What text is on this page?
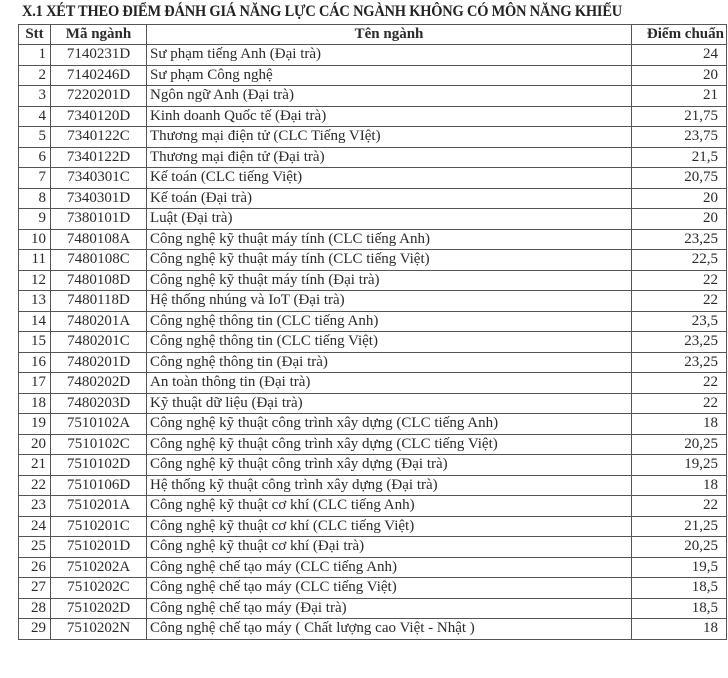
X.1 XÉT THEO ĐIỂM ĐÁNH GIÁ NĂNG LỰC CÁC NGÀNH KHÔNG CÓ MÔN NĂNG KHIẾU
Stt	Mã ngành	Tên ngành	Điểm chuẩn
1	7140231D	Sư phạm tiếng Anh (Đại trà)	24
2	7140246D	Sư phạm Công nghệ	20
3	7220201D	Ngôn ngữ Anh (Đại trà)	21
4	7340120D	Kinh doanh Quốc tế (Đại trà)	21,75
5	7340122C	Thương mại điện tử (CLC Tiếng VIệt)	23,75
6	7340122D	Thương mại điện tử (Đại trà)	21,5
7	7340301C	Kế toán (CLC tiếng Việt)	20,75
8	7340301D	Kế toán (Đại trà)	20
9	7380101D	Luật (Đại trà)	20
10	7480108A	Công nghệ kỹ thuật máy tính (CLC tiếng Anh)	23,25
11	7480108C	Công nghệ kỹ thuật máy tính (CLC tiếng Việt)	22,5
12	7480108D	Công nghệ kỹ thuật máy tính (Đại trà)	22
13	7480118D	Hệ thống nhúng và IoT (Đại trà)	22
14	7480201A	Công nghệ thông tin (CLC tiếng Anh)	23,5
15	7480201C	Công nghệ thông tin (CLC tiếng Việt)	23,25
16	7480201D	Công nghệ thông tin (Đại trà)	23,25
17	7480202D	An toàn thông tin (Đại trà)	22
18	7480203D	Kỹ thuật dữ liệu (Đại trà)	22
19	7510102A	Công nghệ kỹ thuật công trình xây dựng (CLC tiếng Anh)	18
20	7510102C	Công nghệ kỹ thuật công trình xây dựng (CLC tiếng Việt)	20,25
21	7510102D	Công nghệ kỹ thuật công trình xây dựng (Đại trà)	19,25
22	7510106D	Hệ thống kỹ thuật công trình xây dựng (Đại trà)	18
23	7510201A	Công nghệ kỹ thuật cơ khí (CLC tiếng Anh)	22
24	7510201C	Công nghệ kỹ thuật cơ khí (CLC tiếng Việt)	21,25
25	7510201D	Công nghệ kỹ thuật cơ khí (Đại trà)	20,25
26	7510202A	Công nghệ chế tạo máy (CLC tiếng Anh)	19,5
27	7510202C	Công nghệ chế tạo máy (CLC tiếng Việt)	18,5
28	7510202D	Công nghệ chế tạo máy (Đại trà)	18,5
29	7510202N	Công nghệ chế tạo máy ( Chất lượng cao Việt - Nhật )	18
